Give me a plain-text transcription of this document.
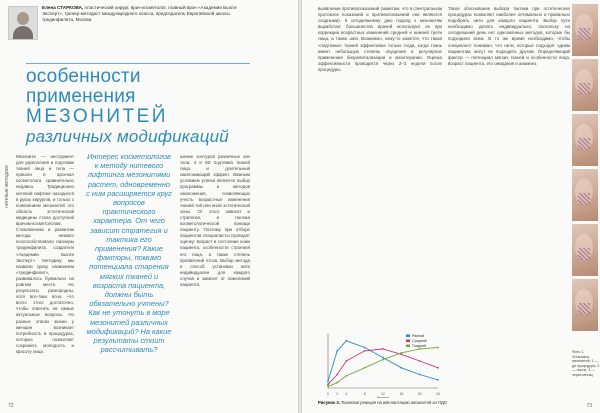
Елена СТАРКОВА, пластический хирург, врач-косметолог, главный врач «Академии Бьюти Эксперт», тренер-методист международного класса, председатель Европейской школы трединфилита, Москва
особенности применения
МЕЗОНИТЕЙ
различных модификаций
нитевые методики
Мезонити — инструмент для укрепления и подтяжки тканей лица и тела — пришли в арсенал косметолога сравнительно недавно. Традиционно нитевой лифтинг находился в руках хирургов, и только с появлением мезонитей это область эстетической медицины стала доступной врачам-косметологам. Становлению и развитию метода немало поспособствовали пионеры трединфилита, создатели «Академии Бьюти Эксперт». Методику мы назвали сразу названием «трединфилит», развивалось буквально на ровном месте. Но результаты разнородны, хотя все-таки ясно, что всего этого достаточно, чтобы ответить на самые актуальные вопросы. Но разных этапах жизни у женщин возникает потребность в процедурах, которые позволяют сохранить молодость и красоту лица.
Интерес косметологов к методу нитевого лифтинга мезонитями растет, одновременно с ним расширяется круг вопросов практического характера. От чего зависит стратегия и тактика его применения? Какие факторы, помимо потенциала старения мягких тканей и возраста пациента, должны быть обязательно учтены? Как не утонуть в море мезонитей различных модификаций? На какие результаты стоит рассчитывать?
шение контуров различных зон тела. 4 и 5D подтяжка тканей лица и длительный омоложающий эффект. Важным условием успеха является выбор программы и методов омоложения, позволяющих учесть возрастные изменения тканей той или иной эстетической зоны. От этого зависит и стратегия, и тактика косметологической помощи пациенту. Поэтому при отборе пациентов специалисты проводят оценку: возраст и состояние кожи пациента, особенности строения его лица, а также степень проявлений птоза. Выбор метода и способ установки нити индивидуален для каждого случая и зависит от пожеланий пациента.
72
выявлении противопоказаний (заметим, что в спектральном протоколе показаний и противопоказаний они являются сходными). К сегодняшнему дню подход к мезонитям выработан: большинство врачей используют их при коррекции возрастных изменений средней и нижней трети лица, а также шеи. Возможно, кому-то кажется, что такая «подтяжка» тканей эффективна только тогда, когда ткань имеет небольшую степень опущения и регулярное применение биоревитализации и мезотерапии. Оценка эффективности проводится через 2–3 недели после процедуры.
Такое обоснование выбора тактики при эстетических процедурах позволяет наиболее оптимально и правильно подобрать нити для каждого пациента. Выбор пути необходимо делать индивидуально, поскольку на сегодняшний день нет однозначных методов, которые бы подходили всем. В то же время необходимо, чтобы специалист понимал, что нити, которые подходят одним пациентам, могут не подходить другим. Определяющий фактор — потенциал мягких тканей и особенности лица, возраст пациента, его ожидания и анамнез.
Фото 1. Установка мезонитей: 1 — до процедуры, 2 — после, 3 — через месяц
0 2 4	8	12	16	20	24
Ранний
Средний
Поздний
Недели
Рисунок 3. Тканевая реакция на имплантацию мезонитей из ПДО
73
